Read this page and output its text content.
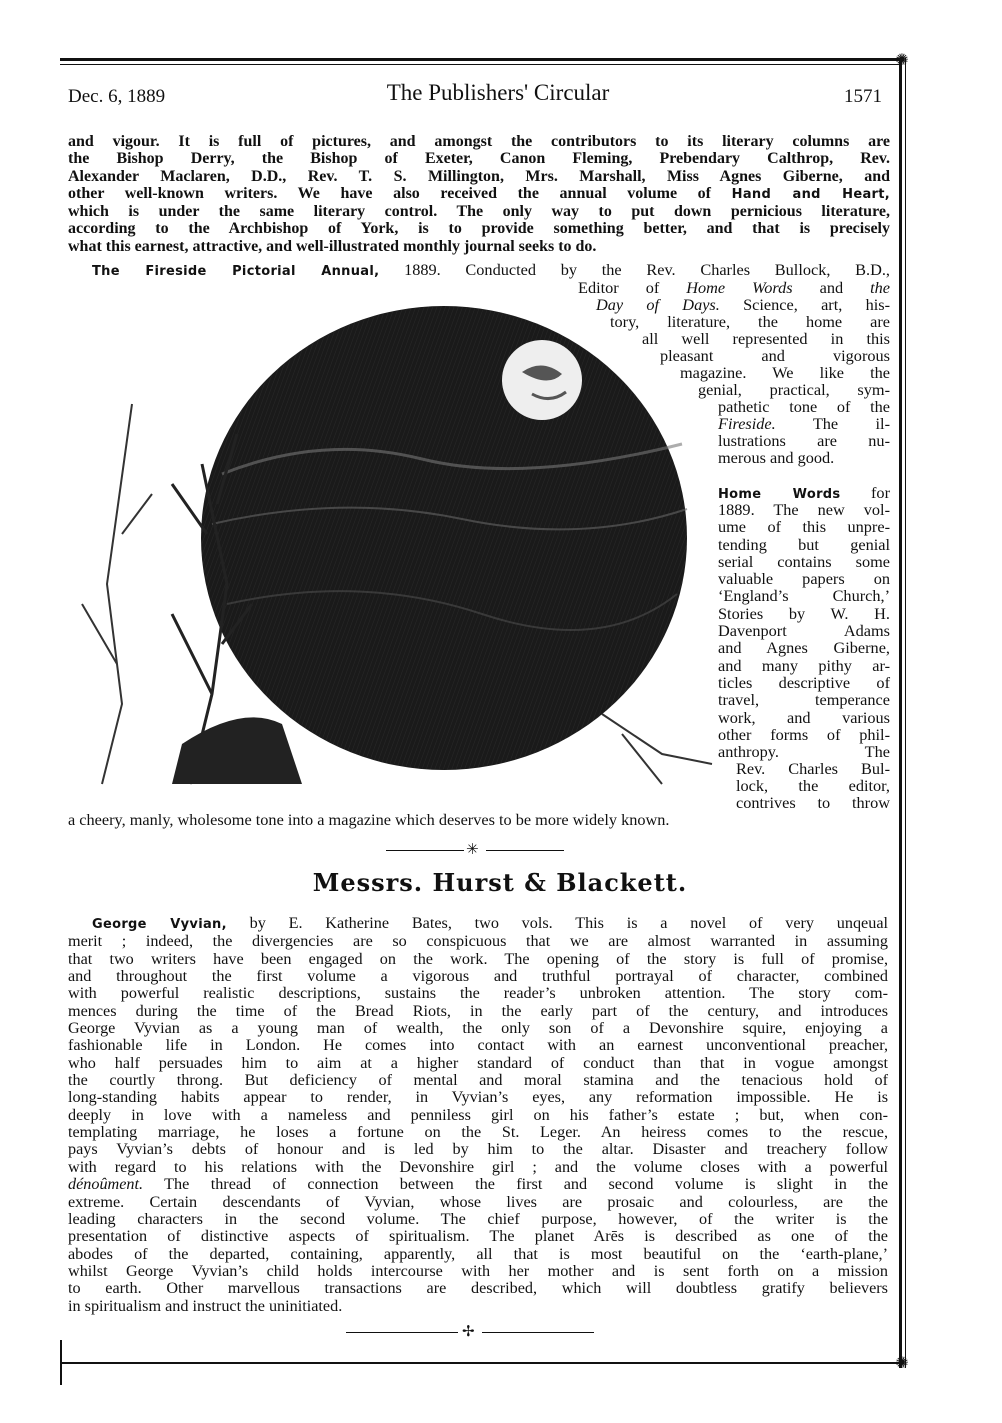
✺
✺
Dec. 6, 1889	The Publishers' Circular	1571
and vigour. It is full of pictures, and amongst the contributors to its literary columns are
the Bishop Derry, the Bishop of Exeter, Canon Fleming, Prebendary Calthrop, Rev.
Alexander Maclaren, D.D., Rev. T. S. Millington, Mrs. Marshall, Miss Agnes Giberne, and
other well-known writers. We have also received the annual volume of Hand and Heart,
which is under the same literary control. The only way to put down pernicious literature,
according to the Archbishop of York, is to provide something better, and that is precisely
what this earnest, attractive, and well-illustrated monthly journal seeks to do.
The Fireside Pictorial Annual, 1889. Conducted by the Rev. Charles Bullock, B.D.,
Editor of Home Words and the
Day of Days. Science, art, his-
tory, literature, the home are
all well represented in this
pleasant and vigorous
magazine. We like the
genial, practical, sym-
pathetic tone of the
Fireside. The il-
lustrations are nu-
merous and good.
Home Words for
1889. The new vol-
ume of this unpre-
tending but genial
serial contains some
valuable papers on
‘England’s Church,’
Stories by W. H.
Davenport Adams
and Agnes Giberne,
and many pithy ar-
ticles descriptive of
travel, temperance
work, and various
other forms of phil-
anthropy. The
Rev. Charles Bul-
lock, the editor,
contrives to throw
a cheery, manly, wholesome tone into a magazine which deserves to be more widely known.
✳
Messrs. Hurst & Blackett.
George Vyvian, by E. Katherine Bates, two vols. This is a novel of very unqeual
merit ; indeed, the divergencies are so conspicuous that we are almost warranted in assuming
that two writers have been engaged on the work. The opening of the story is full of promise,
and throughout the first volume a vigorous and truthful portrayal of character, combined
with powerful realistic descriptions, sustains the reader’s unbroken attention. The story com-
mences during the time of the Bread Riots, in the early part of the century, and introduces
George Vyvian as a young man of wealth, the only son of a Devonshire squire, enjoying a
fashionable life in London. He comes into contact with an earnest unconventional preacher,
who half persuades him to aim at a higher standard of conduct than that in vogue amongst
the courtly throng. But deficiency of mental and moral stamina and the tenacious hold of
long-standing habits appear to render, in Vyvian’s eyes, any reformation impossible. He is
deeply in love with a nameless and penniless girl on his father’s estate ; but, when con-
templating marriage, he loses a fortune on the St. Leger. An heiress comes to the rescue,
pays Vyvian’s debts of honour and is led by him to the altar. Disaster and treachery follow
with regard to his relations with the Devonshire girl ; and the volume closes with a powerful
dénoûment. The thread of connection between the first and second volume is slight in the
extreme. Certain descendants of Vyvian, whose lives are prosaic and colourless, are the
leading characters in the second volume. The chief purpose, however, of the writer is the
presentation of distinctive aspects of spiritualism. The planet Arēs is described as one of the
abodes of the departed, containing, apparently, all that is most beautiful on the ‘earth-plane,’
whilst George Vyvian’s child holds intercourse with her mother and is sent forth on a mission
to earth. Other marvellous transactions are described, which will doubtless gratify believers
in spiritualism and instruct the uninitiated.
✢
